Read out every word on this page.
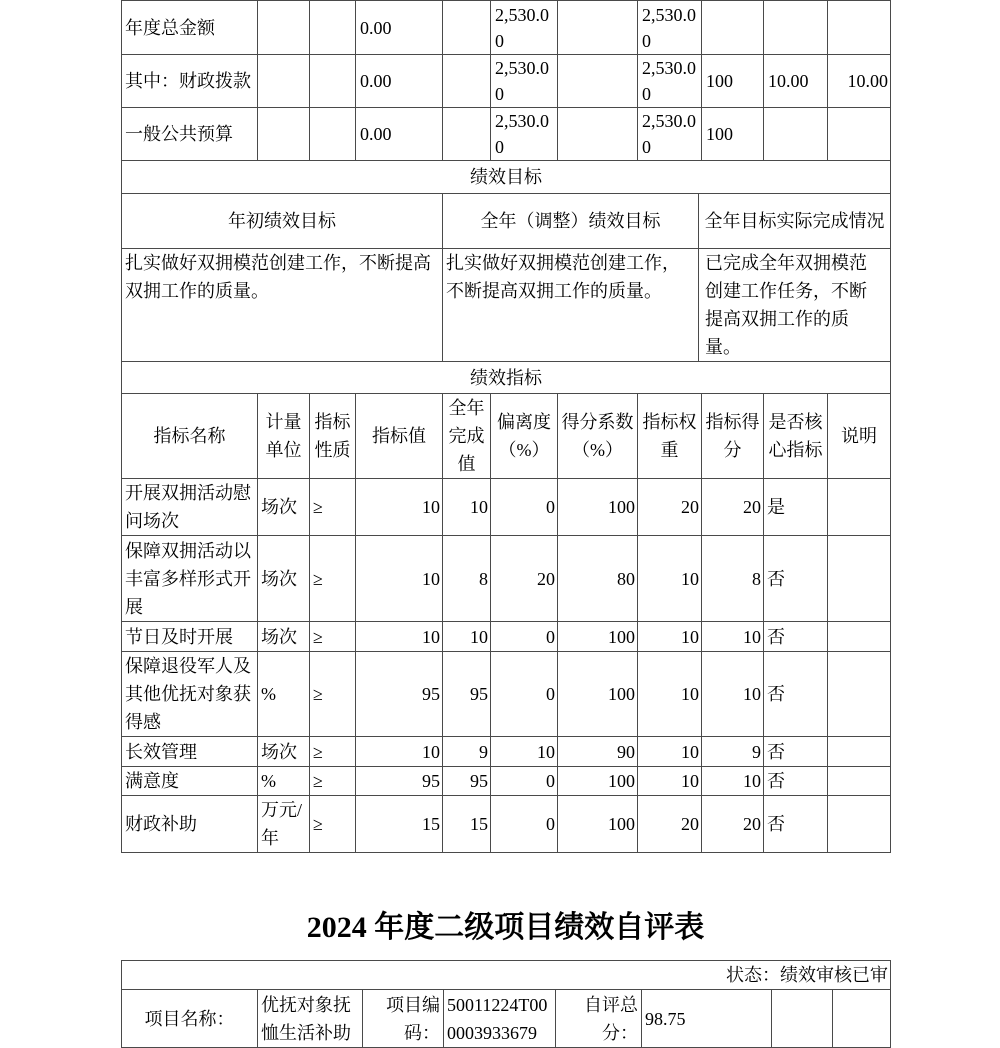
年度总金额			0.00		2,530.00		2,530.00			
其中：财政拨款			0.00		2,530.00		2,530.00	100	10.00	10.00
一般公共预算			0.00		2,530.00		2,530.00	100		
绩效目标		
年初绩效目标	全年（调整）绩效目标	全年目标实际完成情况
扎实做好双拥模范创建工作，不断提高双拥工作的质量。	扎实做好双拥模范创建工作，不断提高双拥工作的质量。	已完成全年双拥模范创建工作任务，不断提高双拥工作的质量。
绩效指标										
指标名称	计量单位	指标性质	指标值	全年完成值	偏离度（%）	得分系数（%）	指标权重	指标得分	是否核心指标	说明
开展双拥活动慰问场次	场次	≥	10	10	0	100	20	20	是	
保障双拥活动以丰富多样形式开展	场次	≥	10	8	20	80	10	8	否	
节日及时开展	场次	≥	10	10	0	100	10	10	否	
保障退役军人及其他优抚对象获得感	%	≥	95	95	0	100	10	10	否	
长效管理	场次	≥	10	9	10	90	10	9	否	
满意度	%	≥	95	95	0	100	10	10	否	
财政补助	万元/年	≥	15	15	0	100	20	20	否	
2024 年度二级项目绩效自评表
状态：绩效审核已审
项目名称：	优抚对象抚恤生活补助	项目编码：	50011224T000003933679	自评总分：	98.75		
